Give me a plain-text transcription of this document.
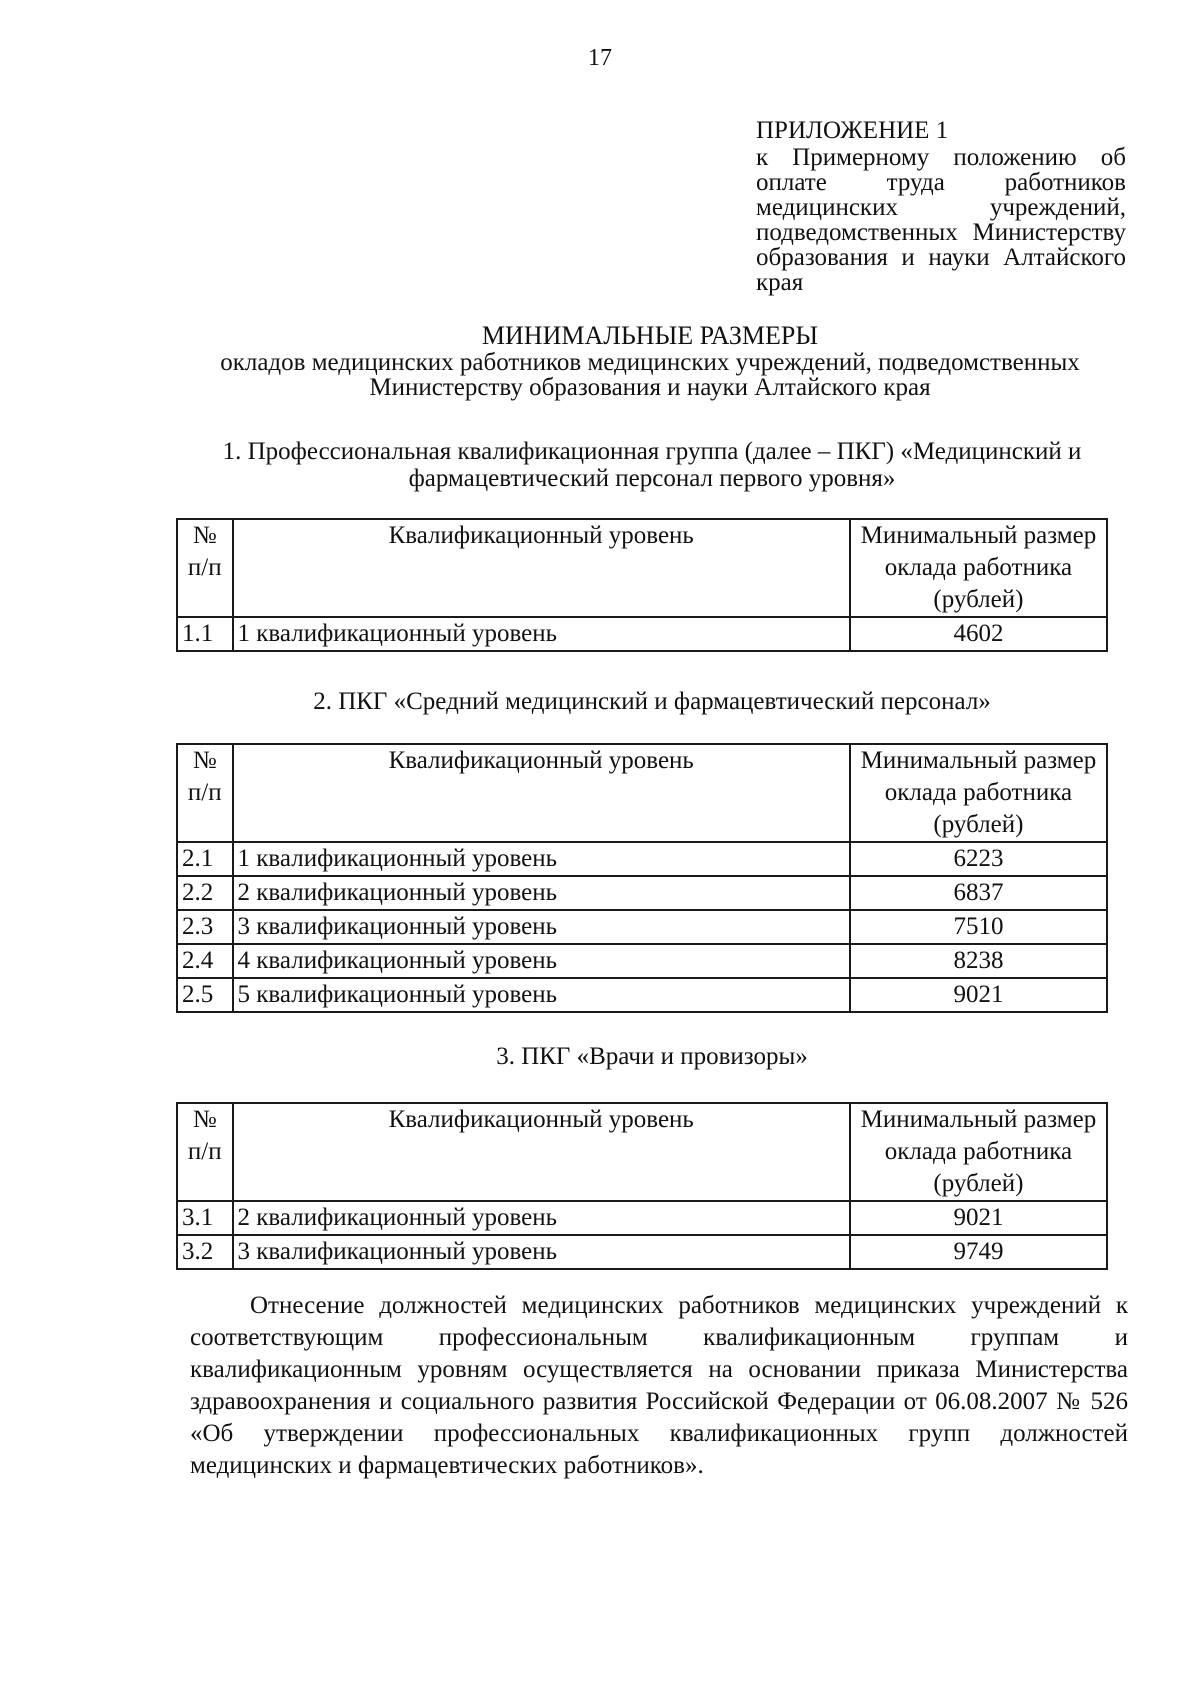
17
ПРИЛОЖЕНИЕ 1
к Примерному положению об оплате труда работников медицинских учреждений, подведомственных Министерству образования и науки Алтайского края
МИНИМАЛЬНЫЕ РАЗМЕРЫ
окладов медицинских работников медицинских учреждений, подведомственных Министерству образования и науки Алтайского края
1. Профессиональная квалификационная группа (далее – ПКГ) «Медицинский и фармацевтический персонал первого уровня»
№ п/п	Квалификационный уровень	Минимальный размер оклада работника (рублей)
1.1	1 квалификационный уровень	4602
2. ПКГ «Средний медицинский и фармацевтический персонал»
№ п/п	Квалификационный уровень	Минимальный размер оклада работника (рублей)
2.1	1 квалификационный уровень	6223
2.2	2 квалификационный уровень	6837
2.3	3 квалификационный уровень	7510
2.4	4 квалификационный уровень	8238
2.5	5 квалификационный уровень	9021
3. ПКГ «Врачи и провизоры»
№ п/п	Квалификационный уровень	Минимальный размер оклада работника (рублей)
3.1	2 квалификационный уровень	9021
3.2	3 квалификационный уровень	9749
Отнесение должностей медицинских работников медицинских учреждений к соответствующим профессиональным квалификационным группам и квалификационным уровням осуществляется на основании приказа Министерства здравоохранения и социального развития Российской Федерации от 06.08.2007 № 526 «Об утверждении профессиональных квалификационных групп должностей медицинских и фармацевтических работников».
